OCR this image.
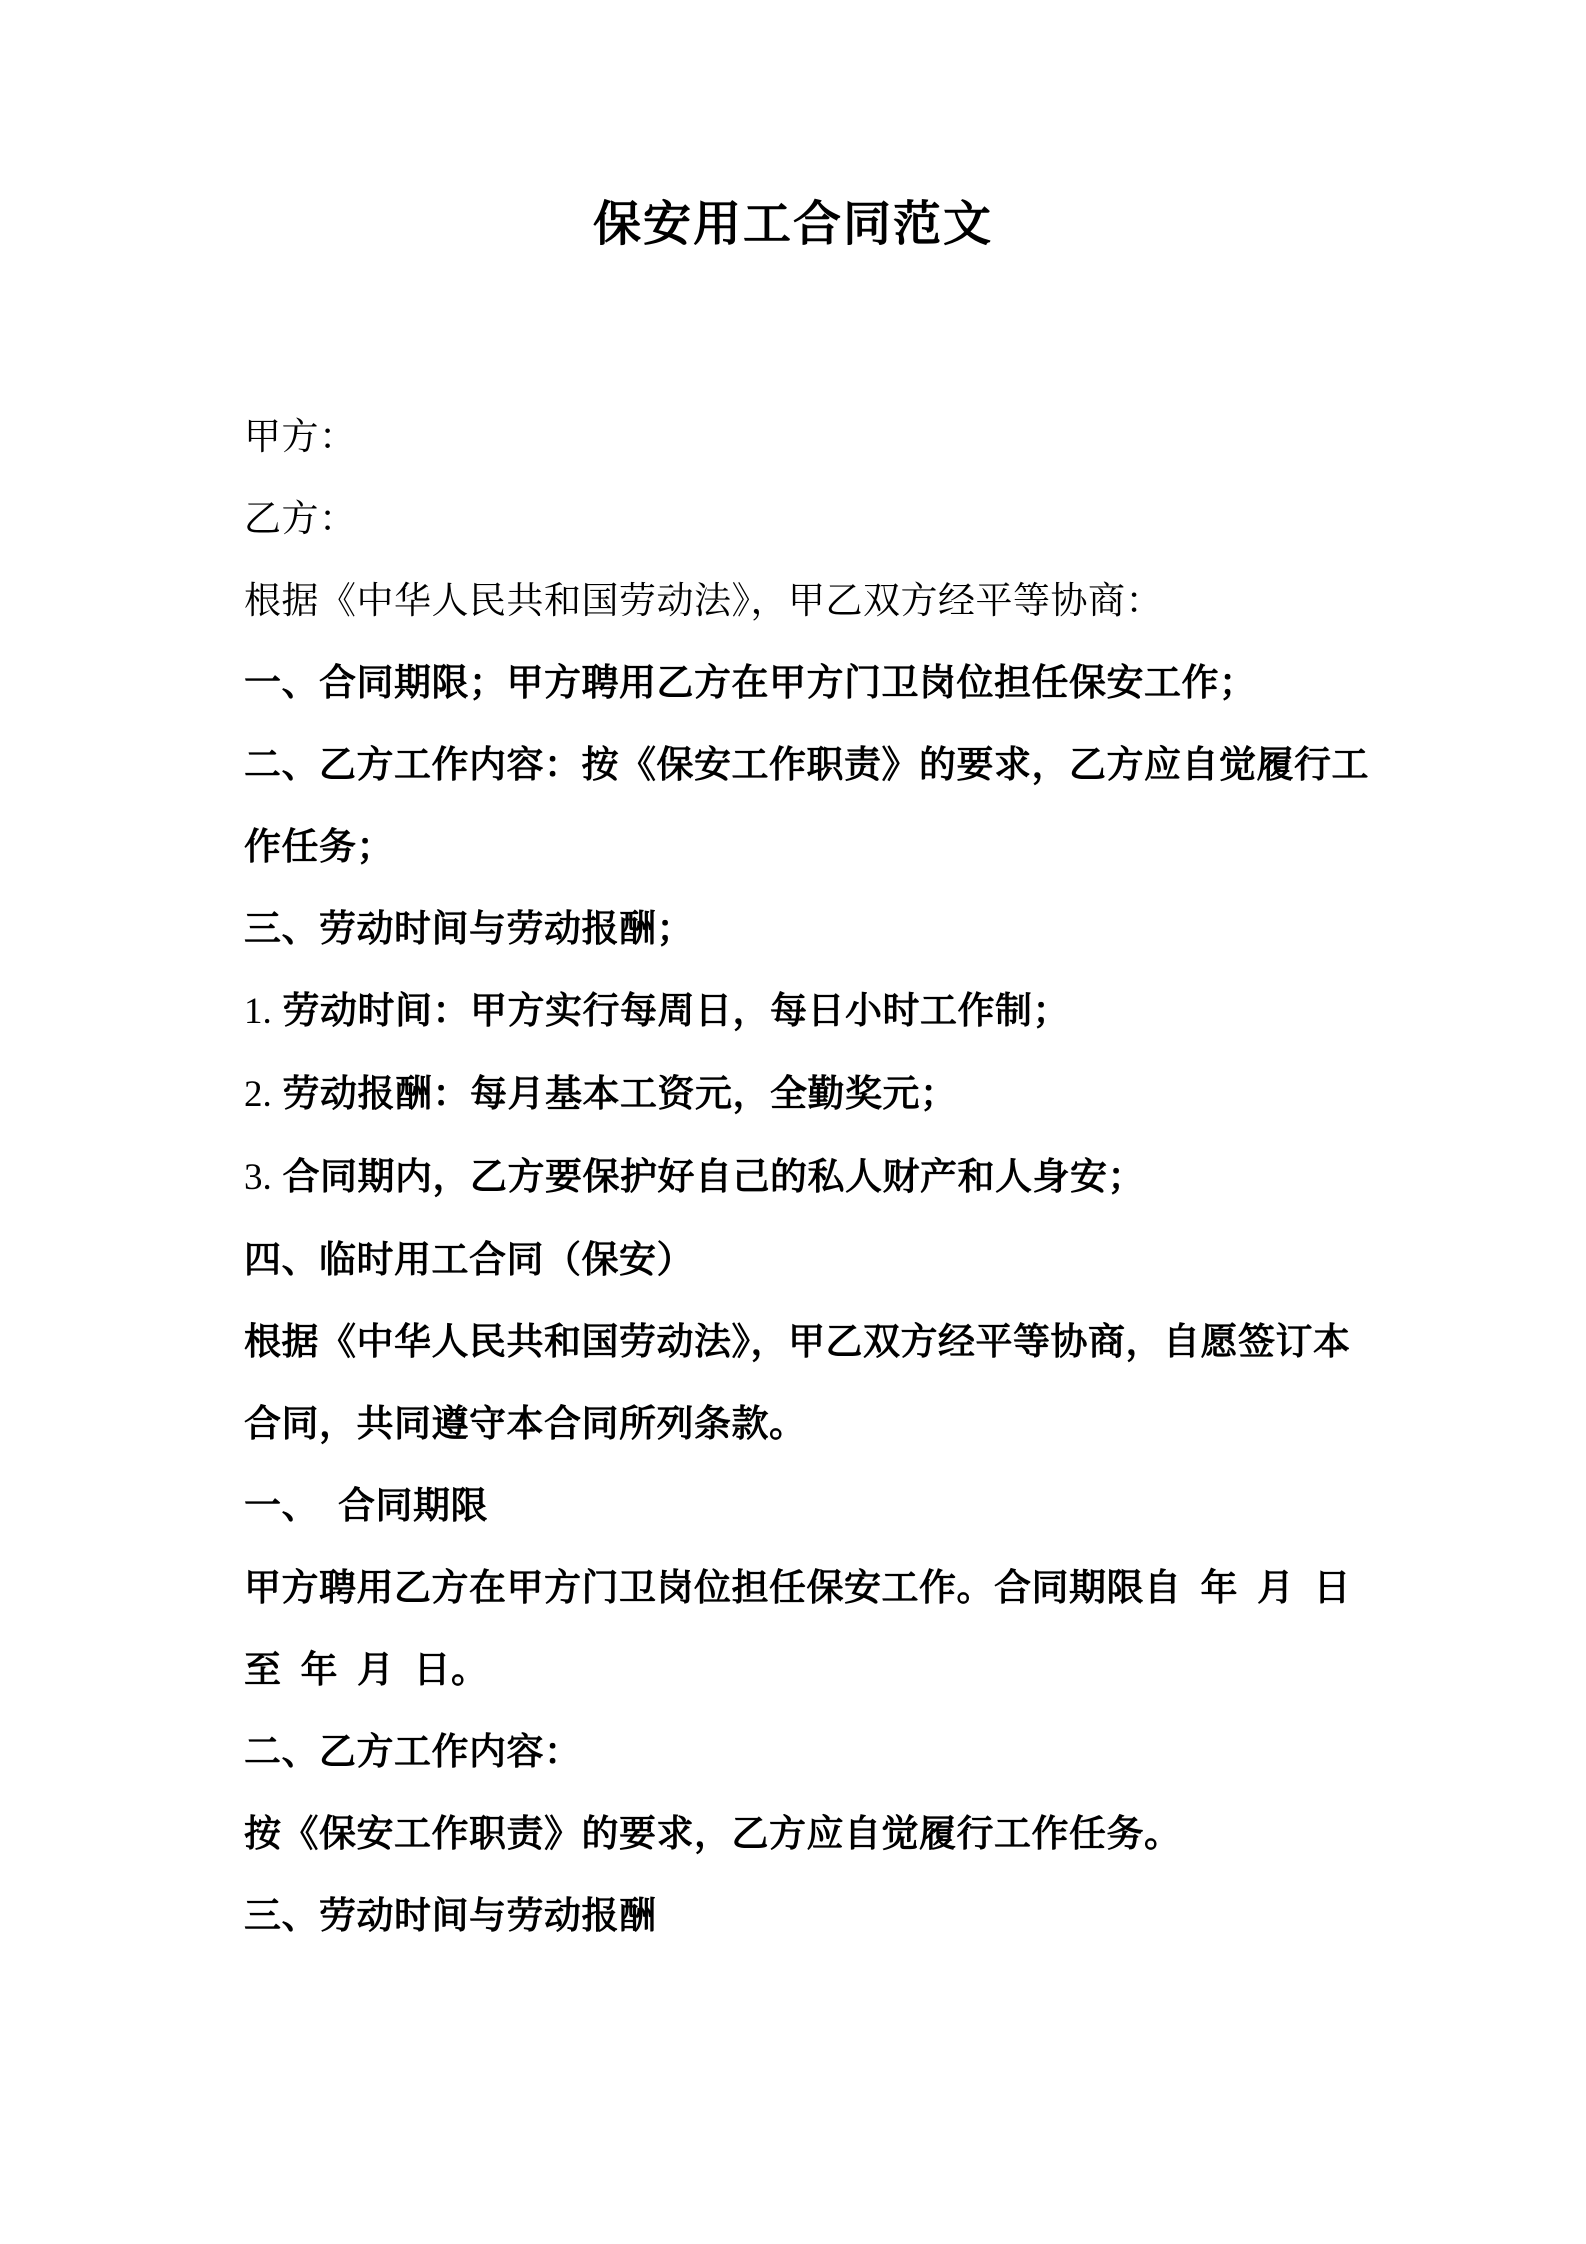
保安用工合同范文
甲方：
乙方：
根据《中华人民共和国劳动法》，甲乙双方经平等协商：
一、合同期限；甲方聘用乙方在甲方门卫岗位担任保安工作；
二、乙方工作内容：按《保安工作职责》的要求，乙方应自觉履行工
作任务；
三、劳动时间与劳动报酬；
1. 劳动时间：甲方实行每周日，每日小时工作制；
2. 劳动报酬：每月基本工资元，全勤奖元；
3. 合同期内，乙方要保护好自己的私人财产和人身安；
四、临时用工合同（保安）
根据《中华人民共和国劳动法》，甲乙双方经平等协商，自愿签订本
合同，共同遵守本合同所列条款。
一、　合同期限
甲方聘用乙方在甲方门卫岗位担任保安工作。合同期限自 年 月 日
至 年 月 日。
二、乙方工作内容：
按《保安工作职责》的要求，乙方应自觉履行工作任务。
三、劳动时间与劳动报酬
